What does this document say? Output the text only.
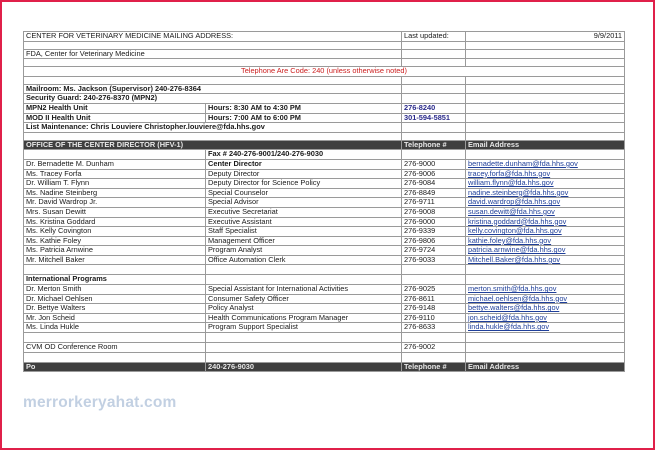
CENTER FOR VETERINARY MEDICINE MAILING ADDRESS:		Last updated:	9/9/2011

FDA, Center for Veterinary Medicine			

Telephone Are Code: 240 (unless otherwise noted)			

Mailroom: Ms. Jackson (Supervisor) 240-276-8364			
Security Guard: 240-276-8370 (MPN2)			
MPN2 Health Unit	Hours: 8:30 AM to 4:30 PM	276-8240	
MOD II Health Unit	Hours: 7:00 AM to 6:00 PM	301-594-5851	
List Maintenance: Chris Louviere Christopher.louviere@fda.hhs.gov			

OFFICE OF THE CENTER DIRECTOR (HFV-1)		Telephone #	Email Address
	Fax # 240-276-9001/240-276-9030		
Dr. Bernadette M. Dunham	Center Director	276-9000	bernadette.dunham@fda.hhs.gov
Ms. Tracey Forfa	Deputy Director	276-9006	tracey.forfa@fda.hhs.gov
Dr. William T. Flynn	Deputy Director for Science Policy	276-9084	william.flynn@fda.hhs.gov
Ms. Nadine Steinberg	Special Counselor	276-8849	nadine.steinberg@fda.hhs.gov
Mr. David Wardrop Jr.	Special Advisor	276-9711	david.wardrop@fda.hhs.gov
Mrs. Susan Dewitt	Executive Secretariat	276-9008	susan.dewitt@fda.hhs.gov
Ms. Kristina Goddard	Executive Assistant	276-9000	kristina.goddard@fda.hhs.gov
Ms. Kelly Covington	Staff Specialist	276-9339	kelly.covington@fda.hhs.gov
Ms. Kathie Foley	Management Officer	276-9806	kathie.foley@fda.hhs.gov
Ms. Patricia Arnwine	Program Analyst	276-9724	patricia.arnwine@fda.hhs.gov
Mr. Mitchell Baker	Office Automation Clerk	276-9033	Mitchell.Baker@fda.hhs.gov

International Programs			
Dr. Merton Smith	Special Assistant for International Activities	276-9025	merton.smith@fda.hhs.gov
Dr. Michael Oehlsen	Consumer Safety Officer	276-8611	michael.oehlsen@fda.hhs.gov
Dr. Bettye Walters	Policy Analyst	276-9148	bettye.walters@fda.hhs.gov
Mr. Jon Scheid	Health Communications Program Manager	276-9110	jon.scheid@fda.hhs.gov
Ms. Linda Hukle	Program Support Specialist	276-8633	linda.hukle@fda.hhs.gov

CVM OD Conference Room		276-9002	

Po	240-276-9030	Telephone #	Email Address
merrorkeryahat.com
